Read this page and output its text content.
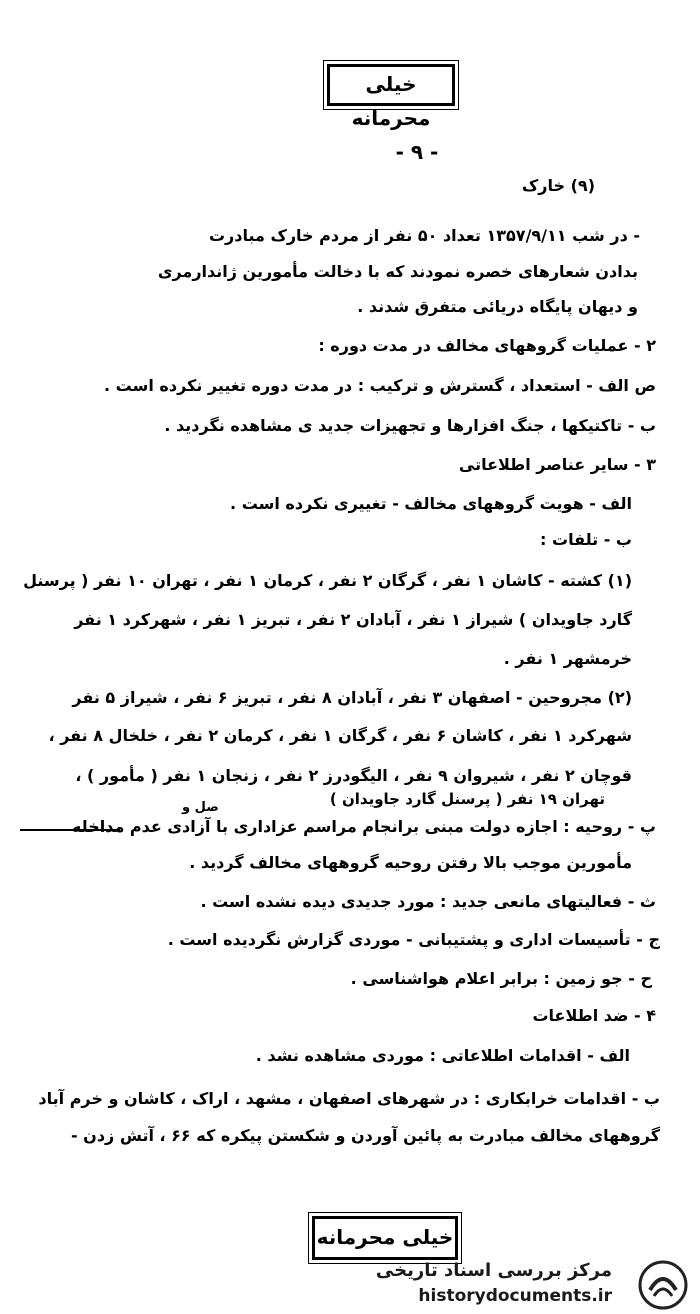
خیلی محرمانه
- ۹ -
(۹) خارک
- در شب ۱۳۵۷/۹/۱۱ تعداد ۵۰ نفر از مردم خارک مبادرت
بدادن شعارهای خصره نمودند که با دخالت مأمورین ژاندارمری
و دیهان پایگاه دریائی متفرق شدند .
۲ - عملیات گروههای مخالف در مدت دوره :
ص الف - استعداد ، گسترش و ترکیب : در مدت دوره تغییر نکرده است .
ب - تاکتیکها ، جنگ افزارها و تجهیزات جدید ی مشاهده نگردید .
۳ - سایر عناصر اطلاعاتی
الف - هویت گروههای مخالف - تغییری نکرده است .
ب - تلفات :
(۱) کشته - کاشان ۱ نفر ، گرگان ۲ نفر ، کرمان ۱ نفر ، تهران ۱۰ نفر ( پرسنل
گارد جاویدان ) شیراز ۱ نفر ، آبادان ۲ نفر ، تبریز ۱ نفر ، شهرکرد ۱ نفر
خرمشهر ۱ نفر .
(۲) مجروحین - اصفهان ۳ نفر ، آبادان ۸ نفر ، تبریز ۶ نفر ، شیراز ۵ نفر
شهرکرد ۱ نفر ، کاشان ۶ نفر ، گرگان ۱ نفر ، کرمان ۲ نفر ، خلخال ۸ نفر ،
قوچان ۲ نفر ، شیروان ۹ نفر ، الیگودرز ۲ نفر ، زنجان ۱ نفر ( مأمور ) ،
تهران ۱۹ نفر ( پرسنل گارد جاویدان )
صل و
پ - روحیه : اجازه دولت مبنی برانجام مراسم عزاداری با آزادی عدم مداخله
مأمورین موجب بالا رفتن روحیه گروههای مخالف گردید .
ث - فعالیتهای مانعی جدید : مورد جدیدی دیده نشده است .
ج - تأسیسات اداری و پشتیبانی - موردی گزارش نگردیده است .
ح - جو زمین : برابر اعلام هواشناسی .
۴ - ضد اطلاعات
الف - اقدامات اطلاعاتی : موردی مشاهده نشد .
ب - اقدامات خرابکاری : در شهرهای اصفهان ، مشهد ، اراک ، کاشان و خرم آباد
گروههای مخالف مبادرت به پائین آوردن و شکستن پیکره که ۶۶ ، آتش زدن -
خیلی محرمانه
مرکز بررسی اسناد تاریخی
historydocuments.ir
